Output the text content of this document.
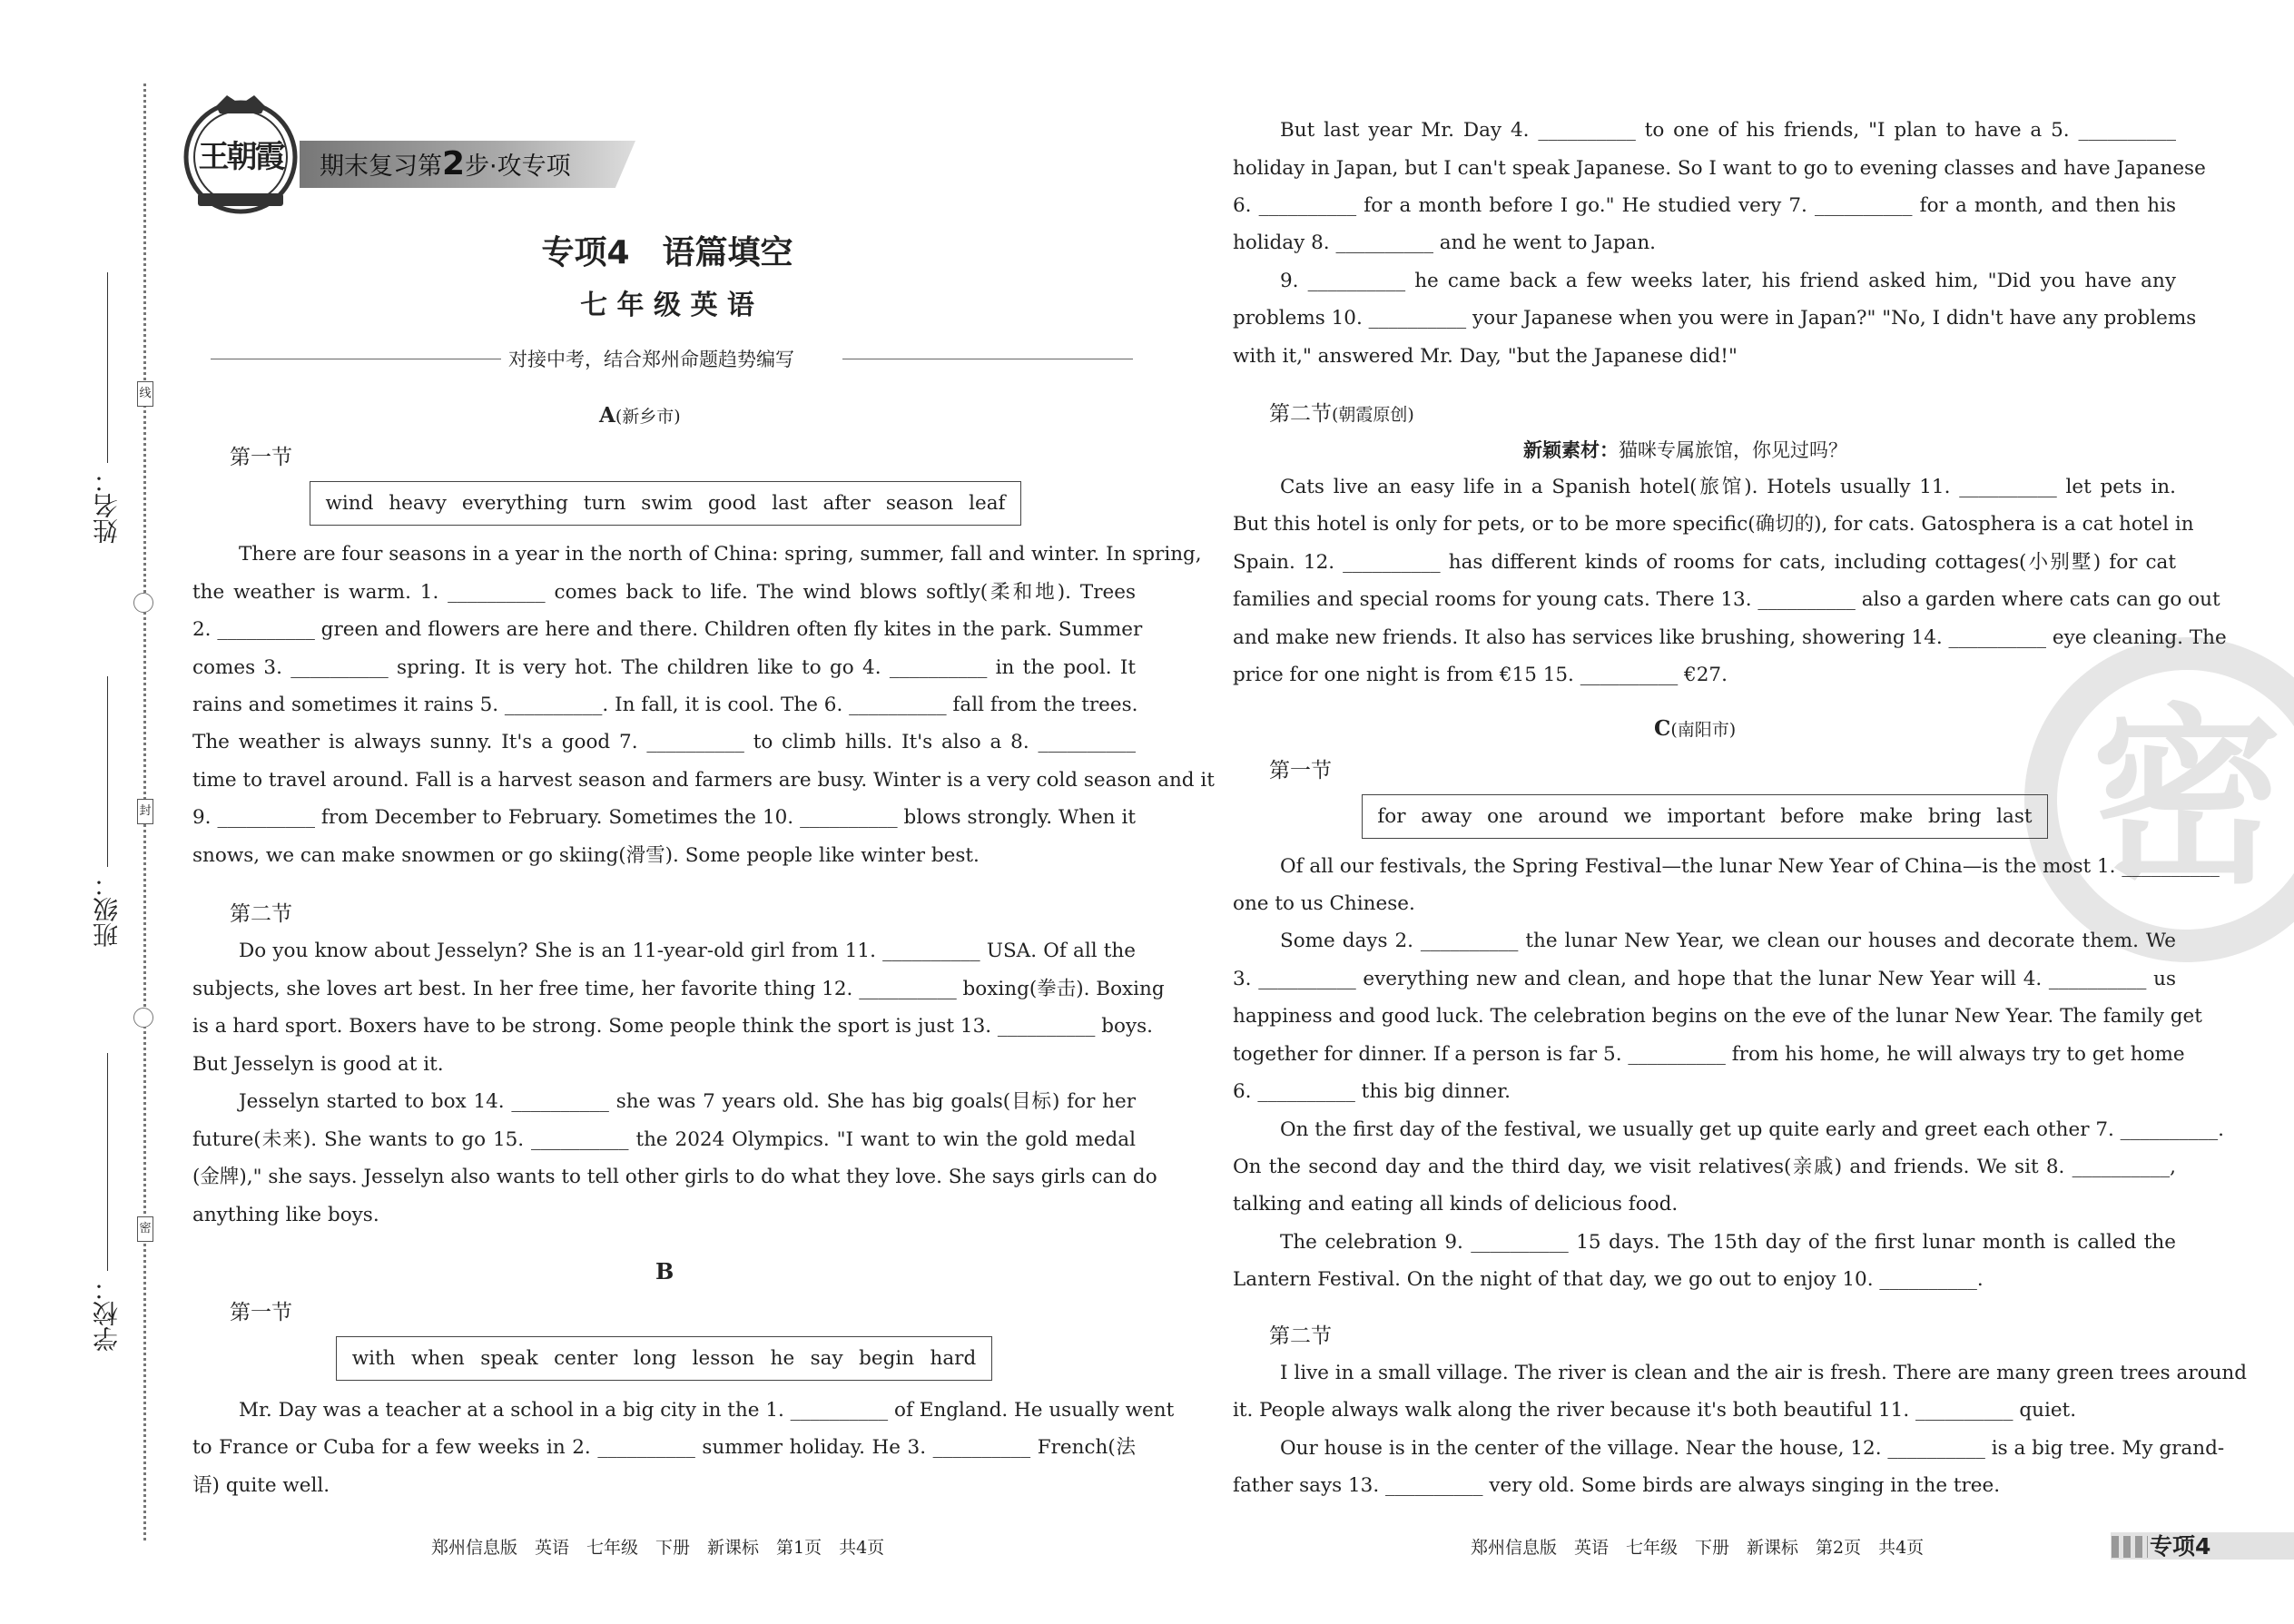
线
封
密
姓名：
班级：
学校：
王朝霞 期末复习第2步·攻专项
专项4　语篇填空
七 年 级 英 语
对接中考，结合郑州命题趋势编写
A(新乡市)
第一节
wind heavy everything turn swim good last after season leaf
There are four seasons in a year in the north of China: spring, summer, fall and winter. In spring,
the weather is warm. 1. __________ comes back to life. The wind blows softly(柔和地). Trees
2. __________ green and flowers are here and there. Children often fly kites in the park. Summer
comes 3. __________ spring. It is very hot. The children like to go 4. __________ in the pool. It
rains and sometimes it rains 5. __________. In fall, it is cool. The 6. __________ fall from the trees.
The weather is always sunny. It's a good 7. __________ to climb hills. It's also a 8. __________
time to travel around. Fall is a harvest season and farmers are busy. Winter is a very cold season and it
9. __________ from December to February. Sometimes the 10. __________ blows strongly. When it
snows, we can make snowmen or go skiing(滑雪). Some people like winter best.
第二节
Do you know about Jesselyn? She is an 11-year-old girl from 11. __________ USA. Of all the
subjects, she loves art best. In her free time, her favorite thing 12. __________ boxing(拳击). Boxing
is a hard sport. Boxers have to be strong. Some people think the sport is just 13. __________ boys.
But Jesselyn is good at it.
Jesselyn started to box 14. __________ she was 7 years old. She has big goals(目标) for her
future(未来). She wants to go 15. __________ the 2024 Olympics. "I want to win the gold medal
(金牌)," she says. Jesselyn also wants to tell other girls to do what they love. She says girls can do
anything like boys.
B
第一节
with when speak center long lesson he say begin hard
Mr. Day was a teacher at a school in a big city in the 1. __________ of England. He usually went
to France or Cuba for a few weeks in 2. __________ summer holiday. He 3. __________ French(法
语) quite well.
郑州信息版　英语　七年级　下册　新课标　第1页　共4页
密
But last year Mr. Day 4. __________ to one of his friends, "I plan to have a 5. __________
holiday in Japan, but I can't speak Japanese. So I want to go to evening classes and have Japanese
6. __________ for a month before I go." He studied very 7. __________ for a month, and then his
holiday 8. __________ and he went to Japan.
9. __________ he came back a few weeks later, his friend asked him, "Did you have any
problems 10. __________ your Japanese when you were in Japan?" "No, I didn't have any problems
with it," answered Mr. Day, "but the Japanese did!"
第二节(朝霞原创)
新颖素材：猫咪专属旅馆，你见过吗？
Cats live an easy life in a Spanish hotel(旅馆). Hotels usually 11. __________ let pets in.
But this hotel is only for pets, or to be more specific(确切的), for cats. Gatosphera is a cat hotel in
Spain. 12. __________ has different kinds of rooms for cats, including cottages(小别墅) for cat
families and special rooms for young cats. There 13. __________ also a garden where cats can go out
and make new friends. It also has services like brushing, showering 14. __________ eye cleaning. The
price for one night is from €15 15. __________ €27.
C(南阳市)
第一节
for away one around we important before make bring last
Of all our festivals, the Spring Festival—the lunar New Year of China—is the most 1. __________
one to us Chinese.
Some days 2. __________ the lunar New Year, we clean our houses and decorate them. We
3. __________ everything new and clean, and hope that the lunar New Year will 4. __________ us
happiness and good luck. The celebration begins on the eve of the lunar New Year. The family get
together for dinner. If a person is far 5. __________ from his home, he will always try to get home
6. __________ this big dinner.
On the first day of the festival, we usually get up quite early and greet each other 7. __________.
On the second day and the third day, we visit relatives(亲戚) and friends. We sit 8. __________,
talking and eating all kinds of delicious food.
The celebration 9. __________ 15 days. The 15th day of the first lunar month is called the
Lantern Festival. On the night of that day, we go out to enjoy 10. __________.
第二节
I live in a small village. The river is clean and the air is fresh. There are many green trees around
it. People always walk along the river because it's both beautiful 11. __________ quiet.
Our house is in the center of the village. Near the house, 12. __________ is a big tree. My grand-
father says 13. __________ very old. Some birds are always singing in the tree.
郑州信息版　英语　七年级　下册　新课标　第2页　共4页	专项4
